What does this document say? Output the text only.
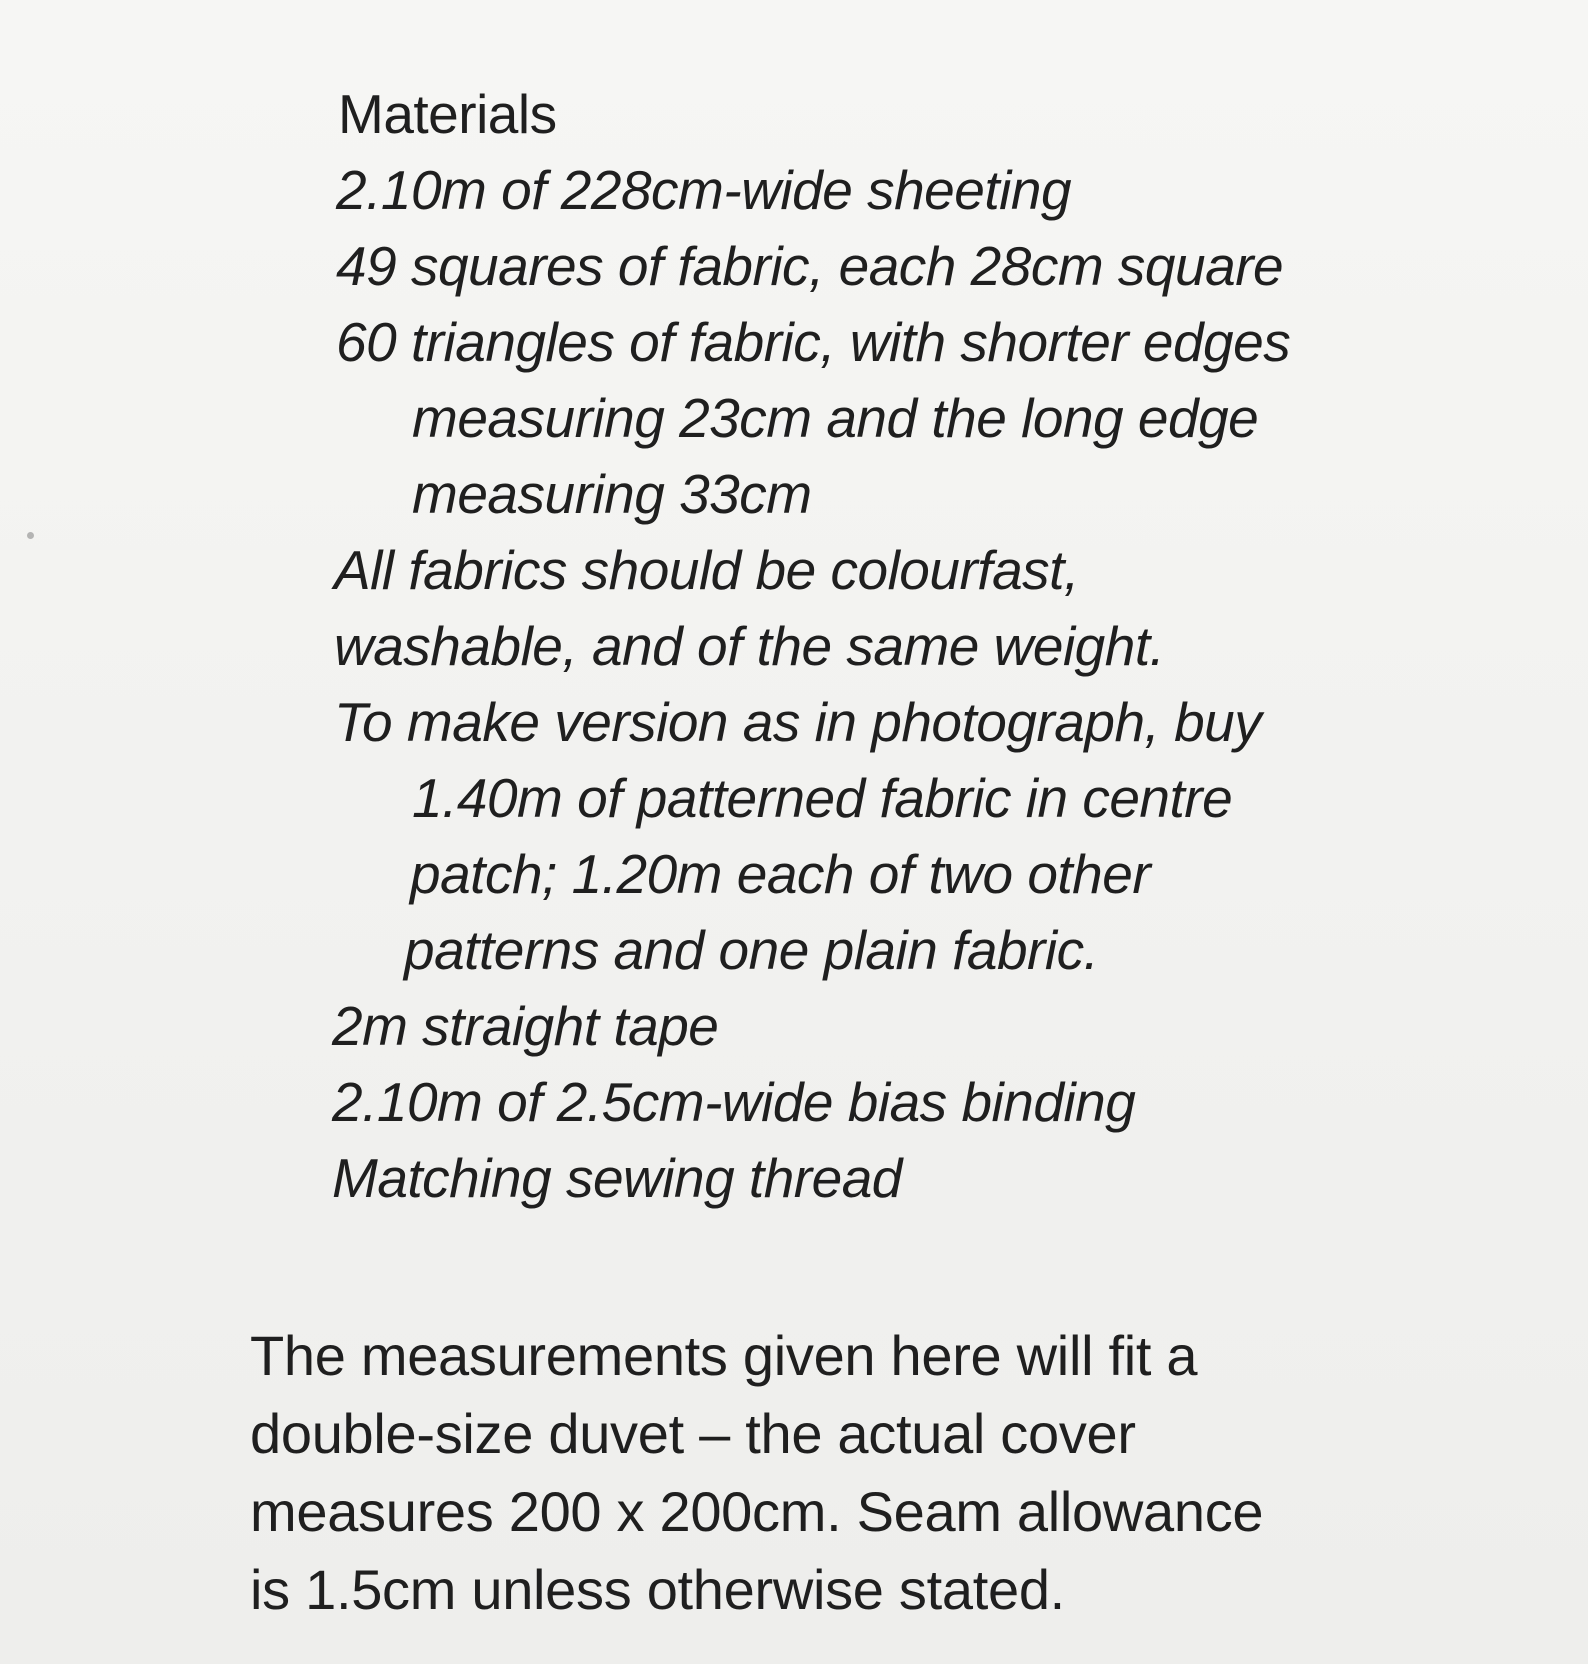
Materials
2.10m of 228cm-wide sheeting
49 squares of fabric, each 28cm square
60 triangles of fabric, with shorter edges
measuring 23cm and the long edge
measuring 33cm
All fabrics should be colourfast,
washable, and of the same weight.
To make version as in photograph, buy
1.40m of patterned fabric in centre
patch; 1.20m each of two other
patterns and one plain fabric.
2m straight tape
2.10m of 2.5cm-wide bias binding
Matching sewing thread
The measurements given here will fit a
double-size duvet – the actual cover
measures 200 x 200cm. Seam allowance
is 1.5cm unless otherwise stated.
